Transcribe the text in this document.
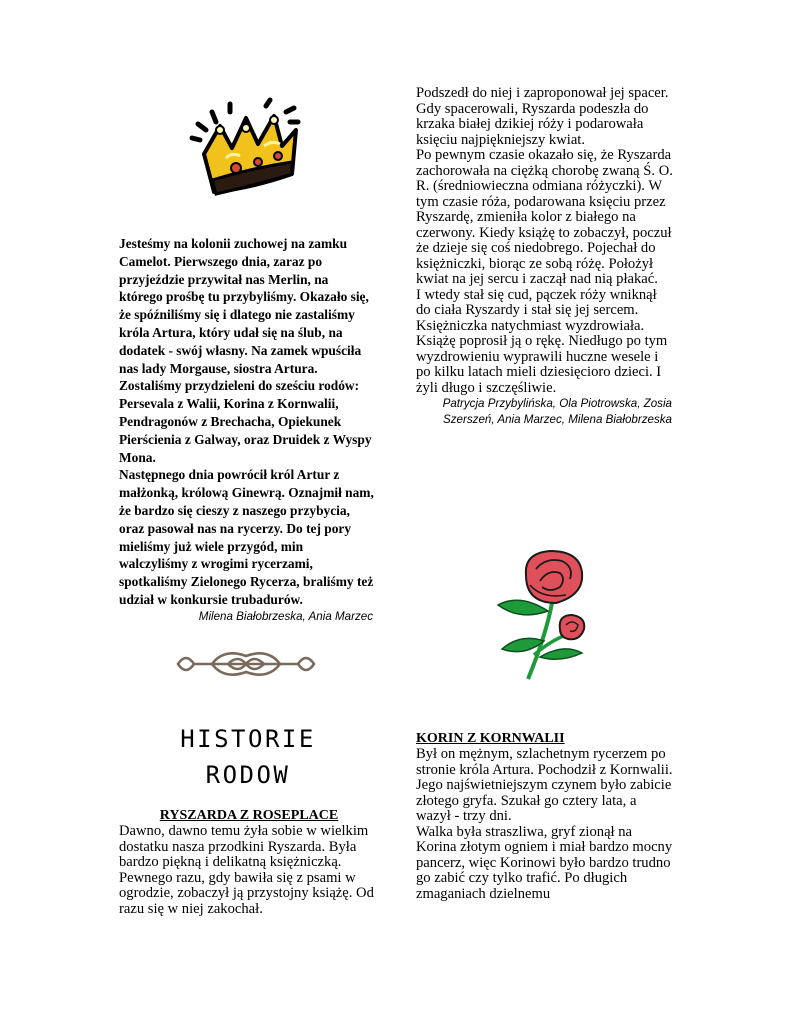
Jesteśmy na kolonii zuchowej na zamku Camelot. Pierwszego dnia, zaraz po przyjeździe przywitał nas Merlin, na którego prośbę tu przybyliśmy. Okazało się, że spóźniliśmy się i dlatego nie zastaliśmy króla Artura, który udał się na ślub, na dodatek - swój własny. Na zamek wpuściła nas lady Morgause, siostra Artura.

Zostaliśmy przydzieleni do sześciu rodów: Persevala z Walii, Korina z Kornwalii, Pendragonów z Brechacha, Opiekunek Pierścienia z Galway, oraz Druidek z Wyspy Mona.

Następnego dnia powrócił król Artur z małżonką, królową Ginewrą. Oznajmił nam, że bardzo się cieszy z naszego przybycia, oraz pasował nas na rycerzy. Do tej pory mieliśmy już wiele przygód, min walczyliśmy z wrogimi rycerzami, spotkaliśmy Zielonego Rycerza, braliśmy też udział w konkursie trubadurów.

Milena Białobrzeska, Ania Marzec

HISTORIE
RODOW
RYSZARDA Z ROSEPLACE

Dawno, dawno temu żyła sobie w wielkim dostatku nasza przodkini Ryszarda. Była bardzo piękną i delikatną księżniczką.

Pewnego razu, gdy bawiła się z psami w ogrodzie, zobaczył ją przystojny książę. Od razu się w niej zakochał.

Podszedł do niej i zaproponował jej spacer. Gdy spacerowali, Ryszarda podeszła do krzaka białej dzikiej róży i podarowała księciu najpiękniejszy kwiat.

Po pewnym czasie okazało się, że Ryszarda zachorowała na ciężką chorobę zwaną Ś. O. R. (średniowieczna odmiana różyczki). W tym czasie róża, podarowana księciu przez Ryszardę, zmieniła kolor z białego na czerwony. Kiedy książę to zobaczył, poczuł że dzieje się coś niedobrego. Pojechał do księżniczki, biorąc ze sobą różę. Położył kwiat na jej sercu i zaczął nad nią płakać.

I wtedy stał się cud, pączek róży wniknął do ciała Ryszardy i stał się jej sercem. Księżniczka natychmiast wyzdrowiała. Książę poprosił ją o rękę. Niedługo po tym wyzdrowieniu wyprawili huczne wesele i po kilku latach mieli dziesięcioro dzieci. I żyli długo i szczęśliwie.

Patrycja Przybylińska, Ola Piotrowska, Zosia Szerszeń, Ania Marzec, Milena Białobrzeska

KORIN Z KORNWALII

Był on mężnym, szlachetnym rycerzem po stronie króla Artura. Pochodził z Kornwalii. Jego najświetniejszym czynem było zabicie złotego gryfa. Szukał go cztery lata, a wazył - trzy dni.

Walka była straszliwa, gryf zionął na Korina złotym ogniem i miał bardzo mocny pancerz, więc Korinowi było bardzo trudno go zabić czy tylko trafić. Po długich zmaganiach dzielnemu
